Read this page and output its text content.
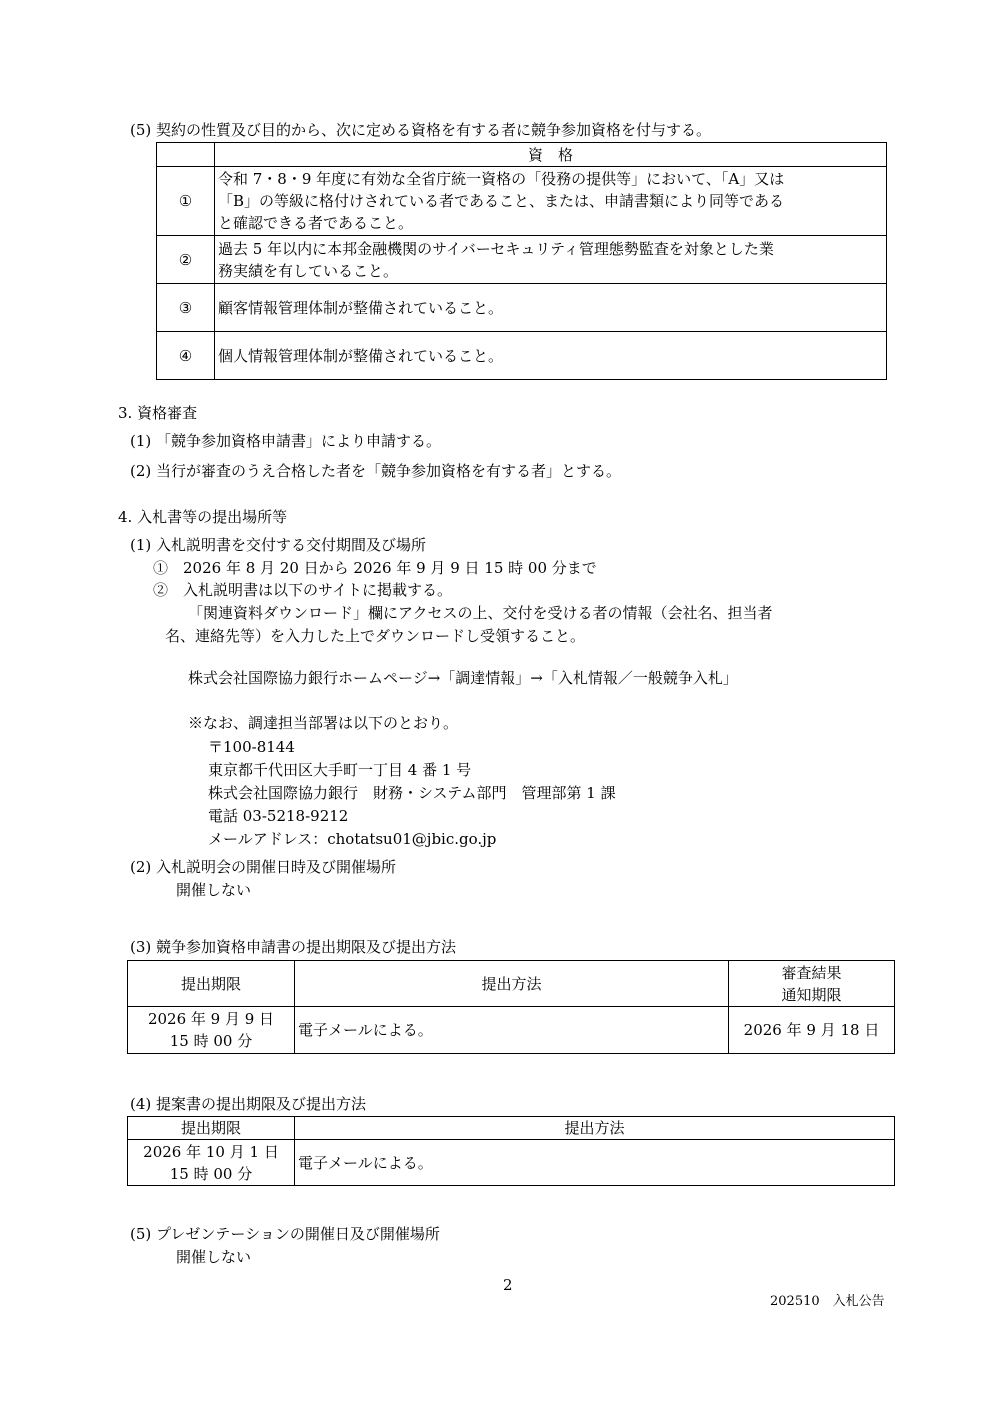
(5) 契約の性質及び目的から、次に定める資格を有する者に競争参加資格を付与する。
	資　格
①	令和 7・8・9 年度に有効な全省庁統一資格の「役務の提供等」において、「A」又は
「B」の等級に格付けされている者であること、または、申請書類により同等である
と確認できる者であること。

②	過去 5 年以内に本邦金融機関のサイバーセキュリティ管理態勢監査を対象とした業
務実績を有していること。

③	顧客情報管理体制が整備されていること。

④	個人情報管理体制が整備されていること。
3. 資格審査
(1) 「競争参加資格申請書」により申請する。
(2) 当行が審査のうえ合格した者を「競争参加資格を有する者」とする。
4. 入札書等の提出場所等
(1) 入札説明書を交付する交付期間及び場所
①　2026 年 8 月 20 日から 2026 年 9 月 9 日 15 時 00 分まで
②　入札説明書は以下のサイトに掲載する。
「関連資料ダウンロード」欄にアクセスの上、交付を受ける者の情報（会社名、担当者
名、連絡先等）を入力した上でダウンロードし受領すること。
株式会社国際協力銀行ホームページ→「調達情報」→「入札情報／一般競争入札」
※なお、調達担当部署は以下のとおり。
〒100-8144
東京都千代田区大手町一丁目 4 番 1 号
株式会社国際協力銀行　財務・システム部門　管理部第 1 課
電話 03-5218-9212
メールアドレス：chotatsu01@jbic.go.jp
(2) 入札説明会の開催日時及び開催場所
開催しない
(3) 競争参加資格申請書の提出期限及び提出方法
提出期限	提出方法	審査結果
通知期限

2026 年 9 月 9 日
15 時 00 分	電子メールによる。	2026 年 9 月 18 日
(4) 提案書の提出期限及び提出方法
提出期限	提出方法

2026 年 10 月 1 日
15 時 00 分	電子メールによる。
(5) プレゼンテーションの開催日及び開催場所
開催しない
2
202510　入札公告
